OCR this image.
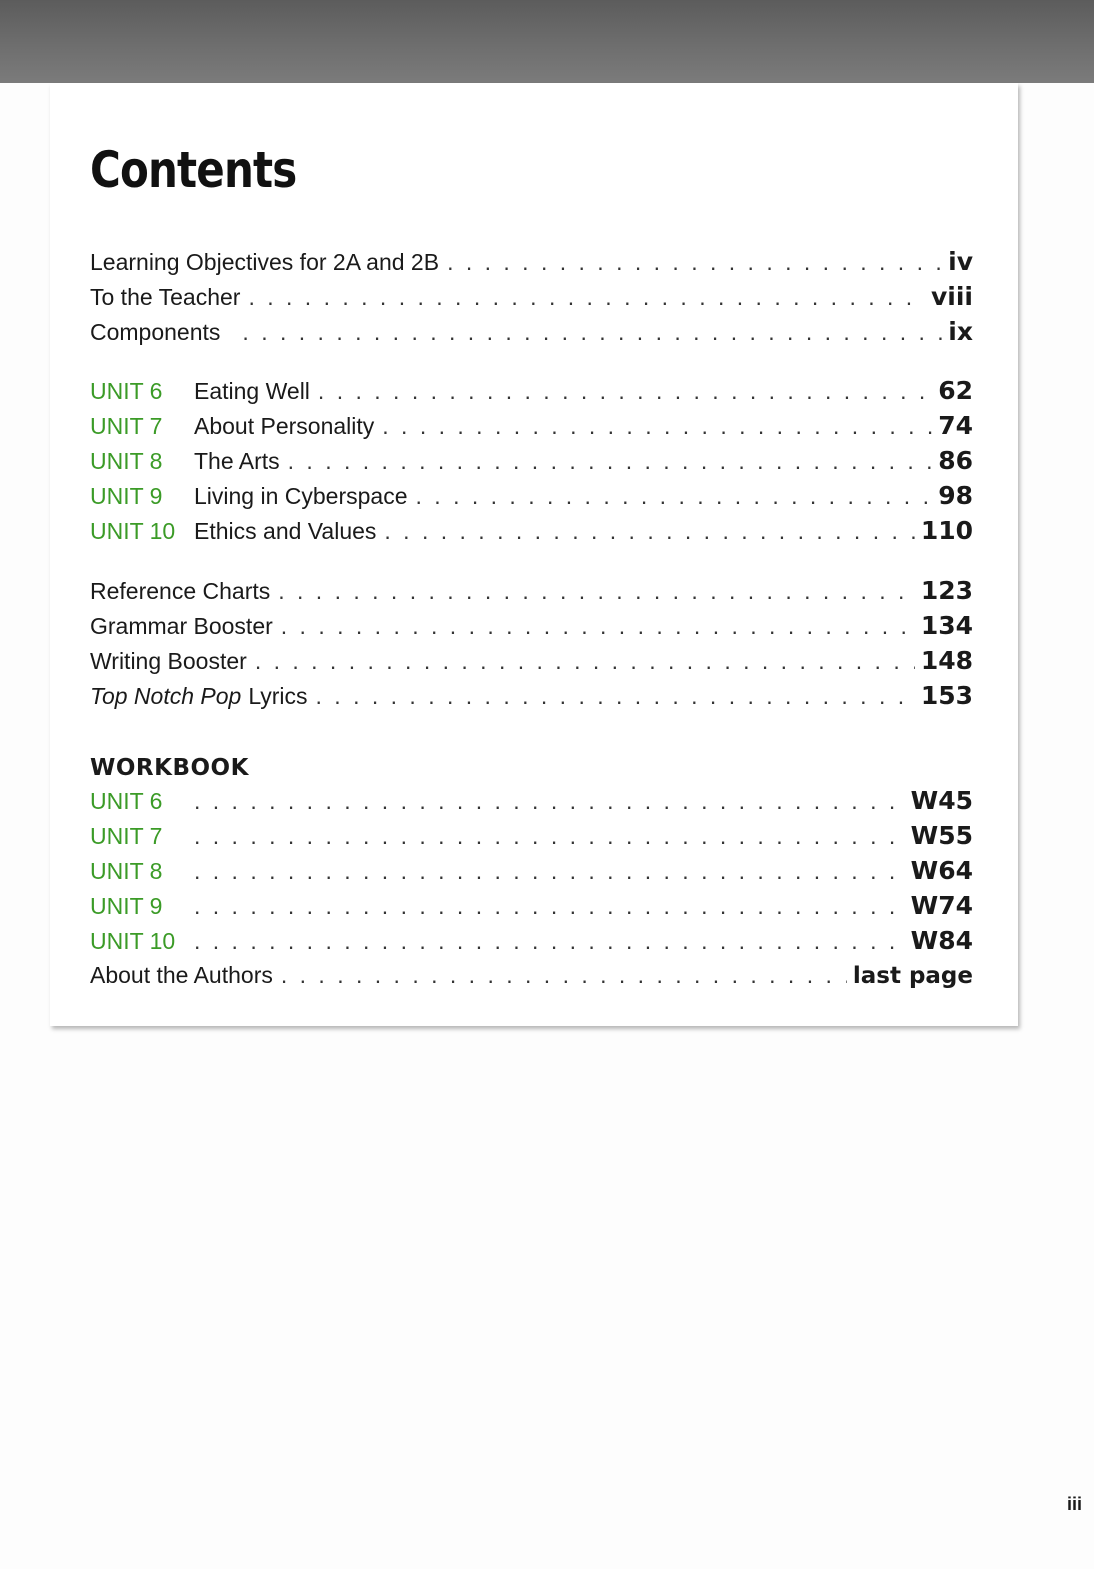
Contents
Learning Objectives for 2A and 2B . . .	iv
To the Teacher . . .	viii
Components . . .	ix
UNIT 6	Eating Well . . .	62
UNIT 7	About Personality . . .	74
UNIT 8	The Arts . . .	86
UNIT 9	Living in Cyberspace . . .	98
UNIT 10 Ethics and Values . . .	110
Reference Charts . . .	123
Grammar Booster . . .	134
Writing Booster . . .	148
Top Notch Pop Lyrics . . .	153
WORKBOOK
UNIT 6 . . .	W45
UNIT 7 . . .	W55
UNIT 8 . . .	W64
UNIT 9 . . .	W74
UNIT 10 . . .	W84
About the Authors . . .	last page
iii
